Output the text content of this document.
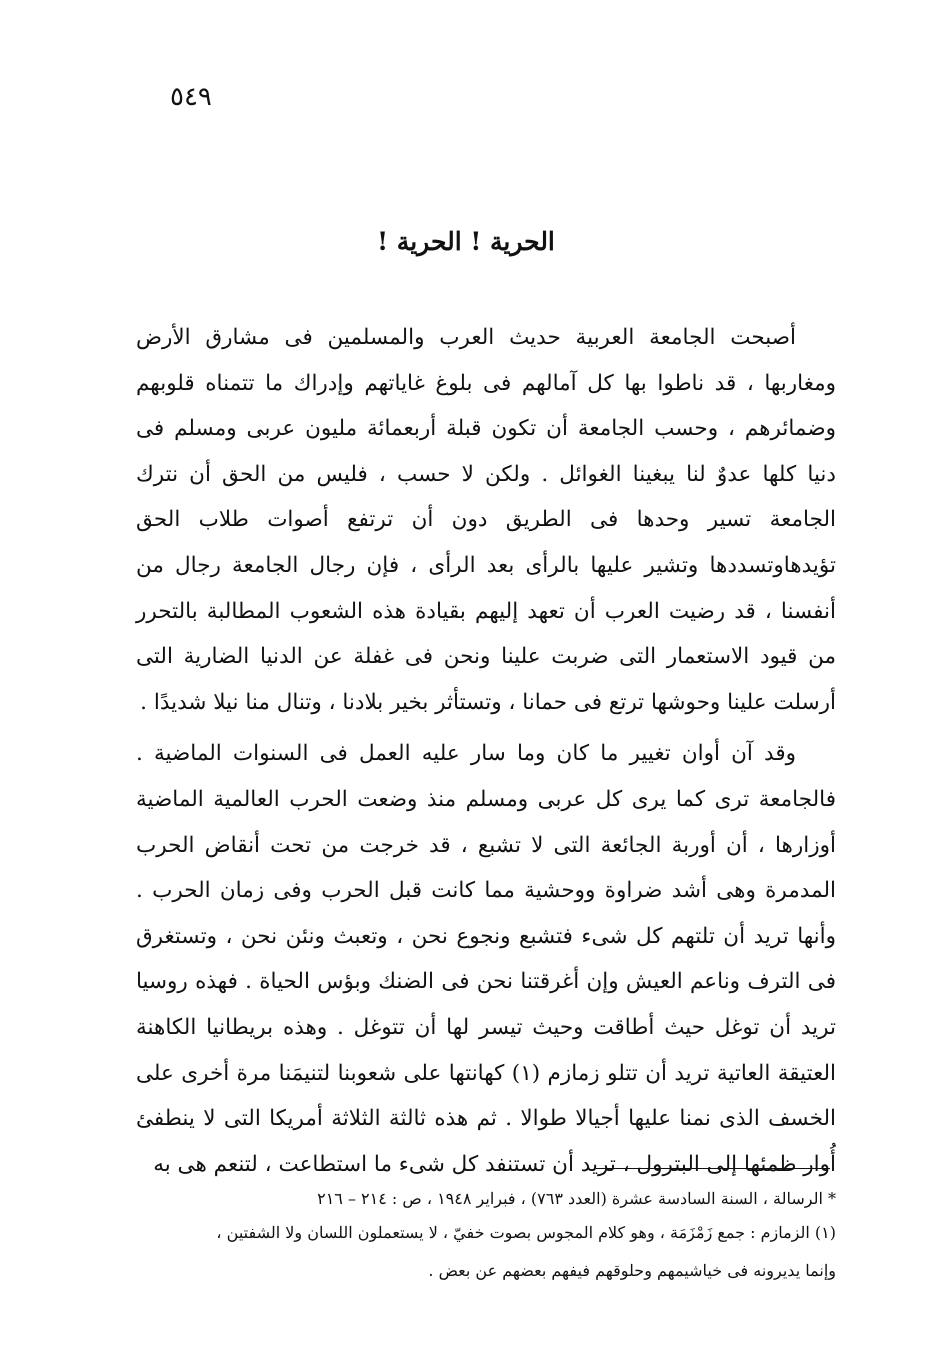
٥٤٩
الحرية ! الحرية !

أصبحت الجامعة العربية حديث العرب والمسلمين فى مشارق الأرض ومغاربها ، قد ناطوا بها كل آمالهم فى بلوغ غاياتهم وإدراك ما تتمناه قلوبهم وضمائرهم ، وحسب الجامعة أن تكون قبلة أربعمائة مليون عربى ومسلم فى دنيا كلها عدوٌ لنا يبغينا الغوائل . ولكن لا حسب ، فليس من الحق أن نترك الجامعة تسير وحدها فى الطريق دون أن ترتفع أصوات طلاب الحق تؤيدهاوتسددها وتشير عليها بالرأى بعد الرأى ، فإن رجال الجامعة رجال من أنفسنا ، قد رضيت العرب أن تعهد إليهم بقيادة هذه الشعوب المطالبة بالتحرر من قيود الاستعمار التى ضربت علينا ونحن فى غفلة عن الدنيا الضارية التى أرسلت علينا وحوشها ترتع فى حمانا ، وتستأثر بخير بلادنا ، وتنال منا نيلا شديدًا .

وقد آن أوان تغيير ما كان وما سار عليه العمل فى السنوات الماضية . فالجامعة ترى كما يرى كل عربى ومسلم منذ وضعت الحرب العالمية الماضية أوزارها ، أن أوربة الجائعة التى لا تشبع ، قد خرجت من تحت أنقاض الحرب المدمرة وهى أشد ضراوة ووحشية مما كانت قبل الحرب وفى زمان الحرب . وأنها تريد أن تلتهم كل شىء فتشبع ونجوع نحن ، وتعبث ونئن نحن ، وتستغرق فى الترف وناعم العيش وإن أغرقتنا نحن فى الضنك وبؤس الحياة . فهذه روسيا تريد أن توغل حيث أطاقت وحيث تيسر لها أن تتوغل . وهذه بريطانيا الكاهنة العتيقة العاتية تريد أن تتلو زمازم (١) كهانتها على شعوبنا لتنيمَنا مرة أخرى على الخسف الذى نمنا عليها أجيالا طوالا . ثم هذه ثالثة الثلاثة أمريكا التى لا ينطفئ أُوار ظمئها إلى البترول ، تريد أن تستنفد كل شىء ما استطاعت ، لتنعم هى به

* الرسالة ، السنة السادسة عشرة (العدد ٧٦٣) ، فبراير ١٩٤٨ ، ص : ٢١٤ – ٢١٦

(١) الزمازم : جمع زَمْزَمَة ، وهو كلام المجوس بصوت خفيّ ، لا يستعملون اللسان ولا الشفتين ،

وإنما يديرونه فى خياشيمهم وحلوقهم فيفهم بعضهم عن بعض .
